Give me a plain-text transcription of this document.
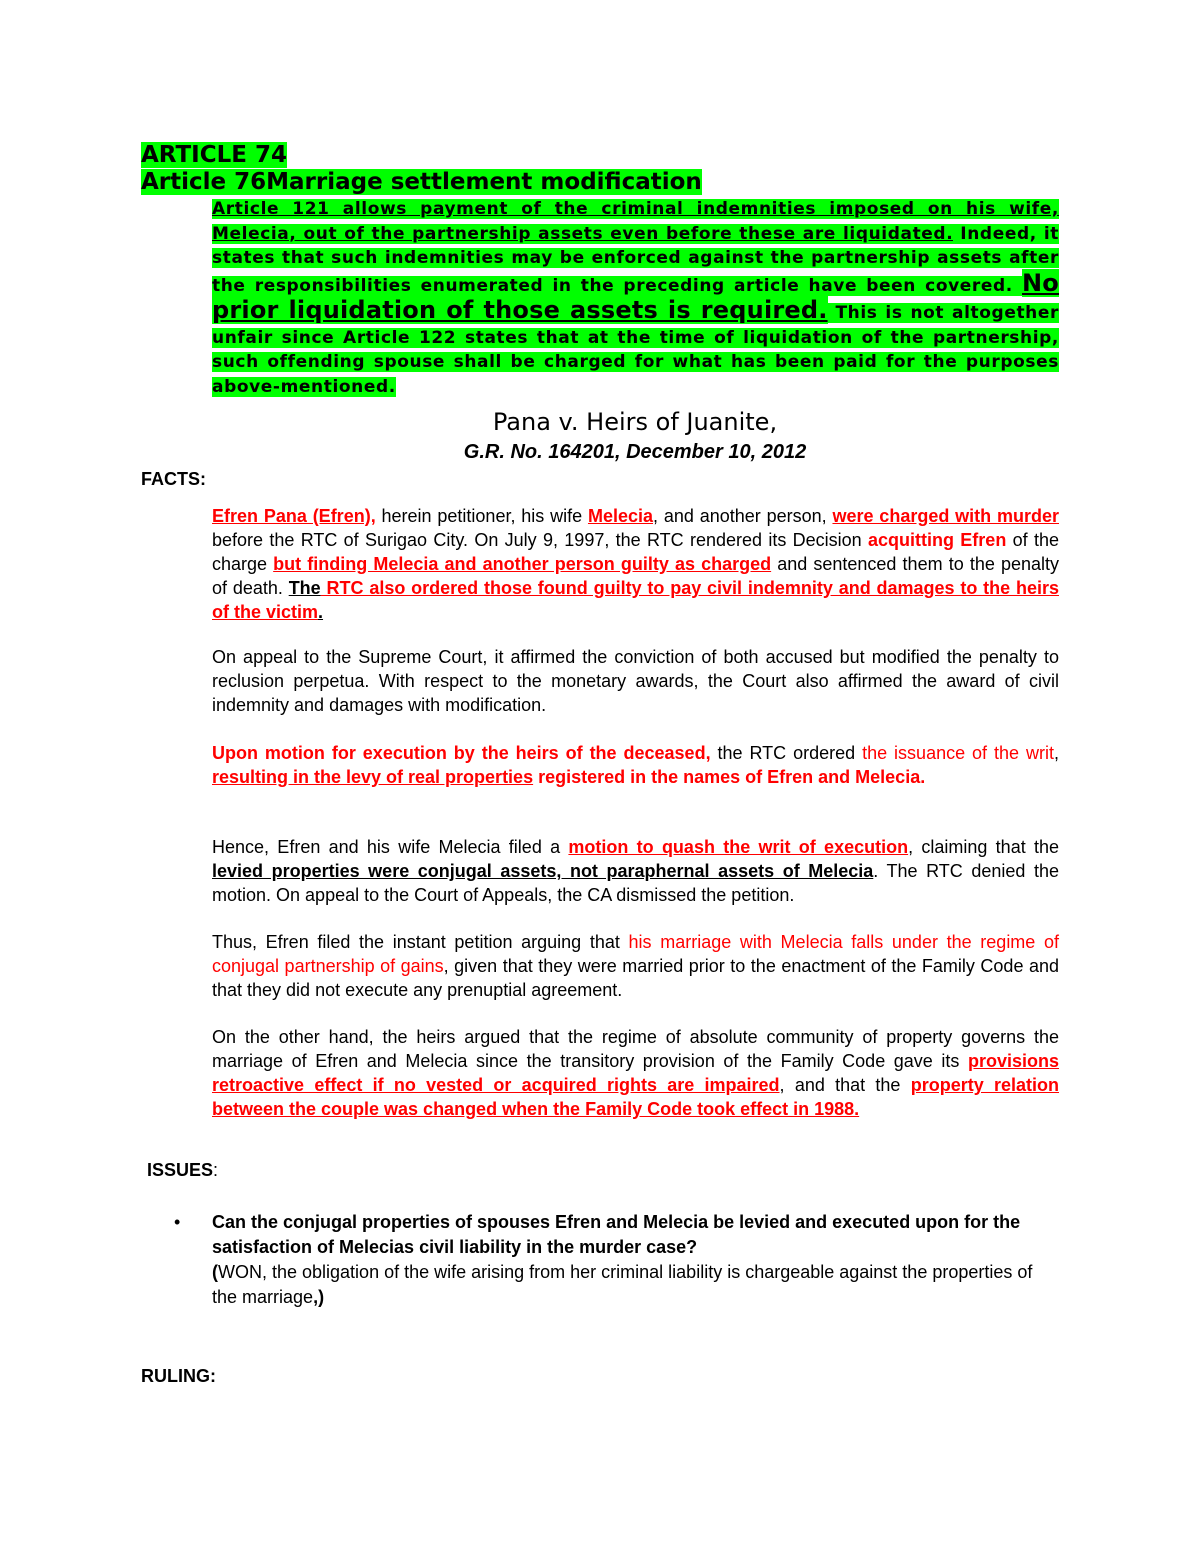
ARTICLE 74
Article 76Marriage settlement modification
Article 121 allows payment of the criminal indemnities imposed on his wife, Melecia, out of the partnership assets even before these are liquidated. Indeed, it states that such indemnities may be enforced against the partnership assets after the responsibilities enumerated in the preceding article have been covered. No prior liquidation of those assets is required. This is not altogether unfair since Article 122 states that at the time of liquidation of the partnership, such offending spouse shall be charged for what has been paid for the purposes above-mentioned.
Pana v. Heirs of Juanite,
G.R. No. 164201, December 10, 2012
FACTS:
Efren Pana (Efren), herein petitioner, his wife Melecia, and another person, were charged with murder before the RTC of Surigao City. On July 9, 1997, the RTC rendered its Decision acquitting Efren of the charge but finding Melecia and another person guilty as charged and sentenced them to the penalty of death. The RTC also ordered those found guilty to pay civil indemnity and damages to the heirs of the victim.
On appeal to the Supreme Court, it affirmed the conviction of both accused but modified the penalty to reclusion perpetua. With respect to the monetary awards, the Court also affirmed the award of civil indemnity and damages with modification.
Upon motion for execution by the heirs of the deceased, the RTC ordered the issuance of the writ, resulting in the levy of real properties registered in the names of Efren and Melecia.
Hence, Efren and his wife Melecia filed a motion to quash the writ of execution, claiming that the levied properties were conjugal assets, not paraphernal assets of Melecia. The RTC denied the motion. On appeal to the Court of Appeals, the CA dismissed the petition.
Thus, Efren filed the instant petition arguing that his marriage with Melecia falls under the regime of conjugal partnership of gains, given that they were married prior to the enactment of the Family Code and that they did not execute any prenuptial agreement.
On the other hand, the heirs argued that the regime of absolute community of property governs the marriage of Efren and Melecia since the transitory provision of the Family Code gave its provisions retroactive effect if no vested or acquired rights are impaired, and that the property relation between the couple was changed when the Family Code took effect in 1988.
ISSUES:
• Can the conjugal properties of spouses Efren and Melecia be levied and executed upon for the satisfaction of Melecias civil liability in the murder case?
(WON, the obligation of the wife arising from her criminal liability is chargeable against the properties of the marriage,)
RULING:
